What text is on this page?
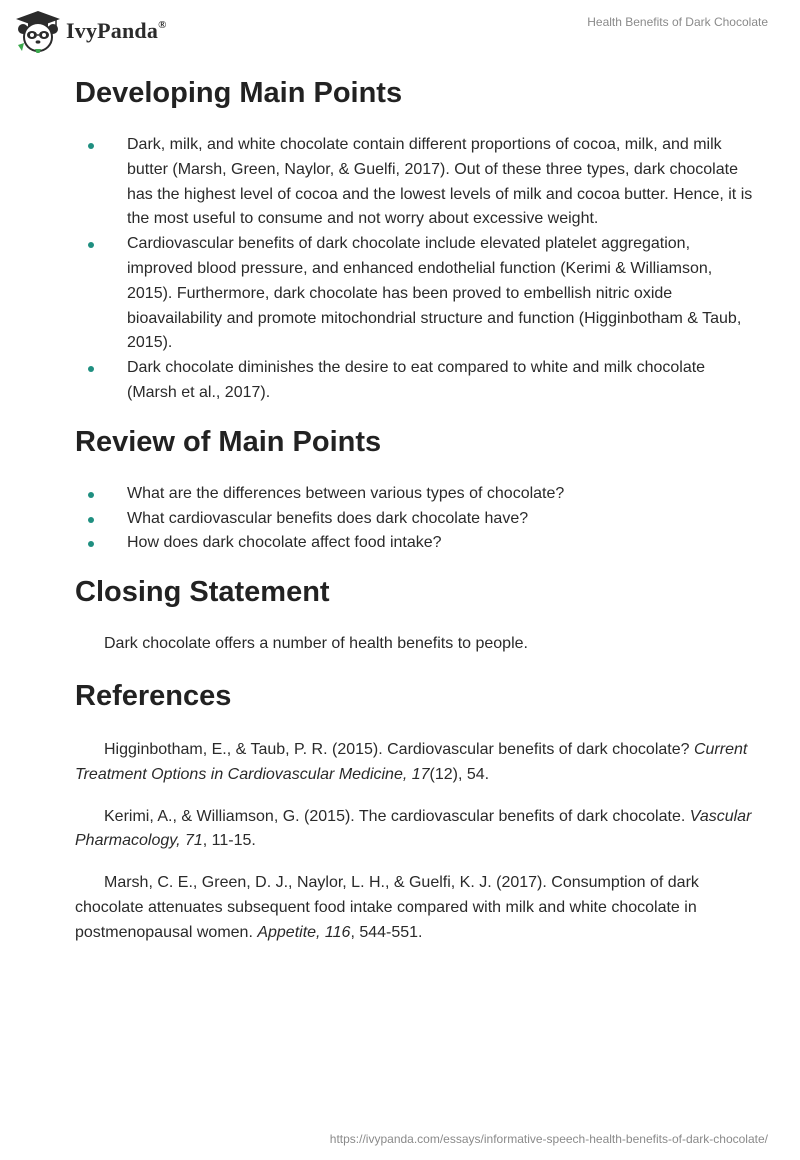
IvyPanda®	Health Benefits of Dark Chocolate
Developing Main Points
Dark, milk, and white chocolate contain different proportions of cocoa, milk, and milk butter (Marsh, Green, Naylor, & Guelfi, 2017). Out of these three types, dark chocolate has the highest level of cocoa and the lowest levels of milk and cocoa butter. Hence, it is the most useful to consume and not worry about excessive weight.
Cardiovascular benefits of dark chocolate include elevated platelet aggregation, improved blood pressure, and enhanced endothelial function (Kerimi & Williamson, 2015). Furthermore, dark chocolate has been proved to embellish nitric oxide bioavailability and promote mitochondrial structure and function (Higginbotham & Taub, 2015).
Dark chocolate diminishes the desire to eat compared to white and milk chocolate (Marsh et al., 2017).
Review of Main Points
What are the differences between various types of chocolate?
What cardiovascular benefits does dark chocolate have?
How does dark chocolate affect food intake?
Closing Statement

Dark chocolate offers a number of health benefits to people.

References

Higginbotham, E., & Taub, P. R. (2015). Cardiovascular benefits of dark chocolate? Current Treatment Options in Cardiovascular Medicine, 17(12), 54.

Kerimi, A., & Williamson, G. (2015). The cardiovascular benefits of dark chocolate. Vascular Pharmacology, 71, 11-15.

Marsh, C. E., Green, D. J., Naylor, L. H., & Guelfi, K. J. (2017). Consumption of dark chocolate attenuates subsequent food intake compared with milk and white chocolate in postmenopausal women. Appetite, 116, 544-551.

https://ivypanda.com/essays/informative-speech-health-benefits-of-dark-chocolate/
